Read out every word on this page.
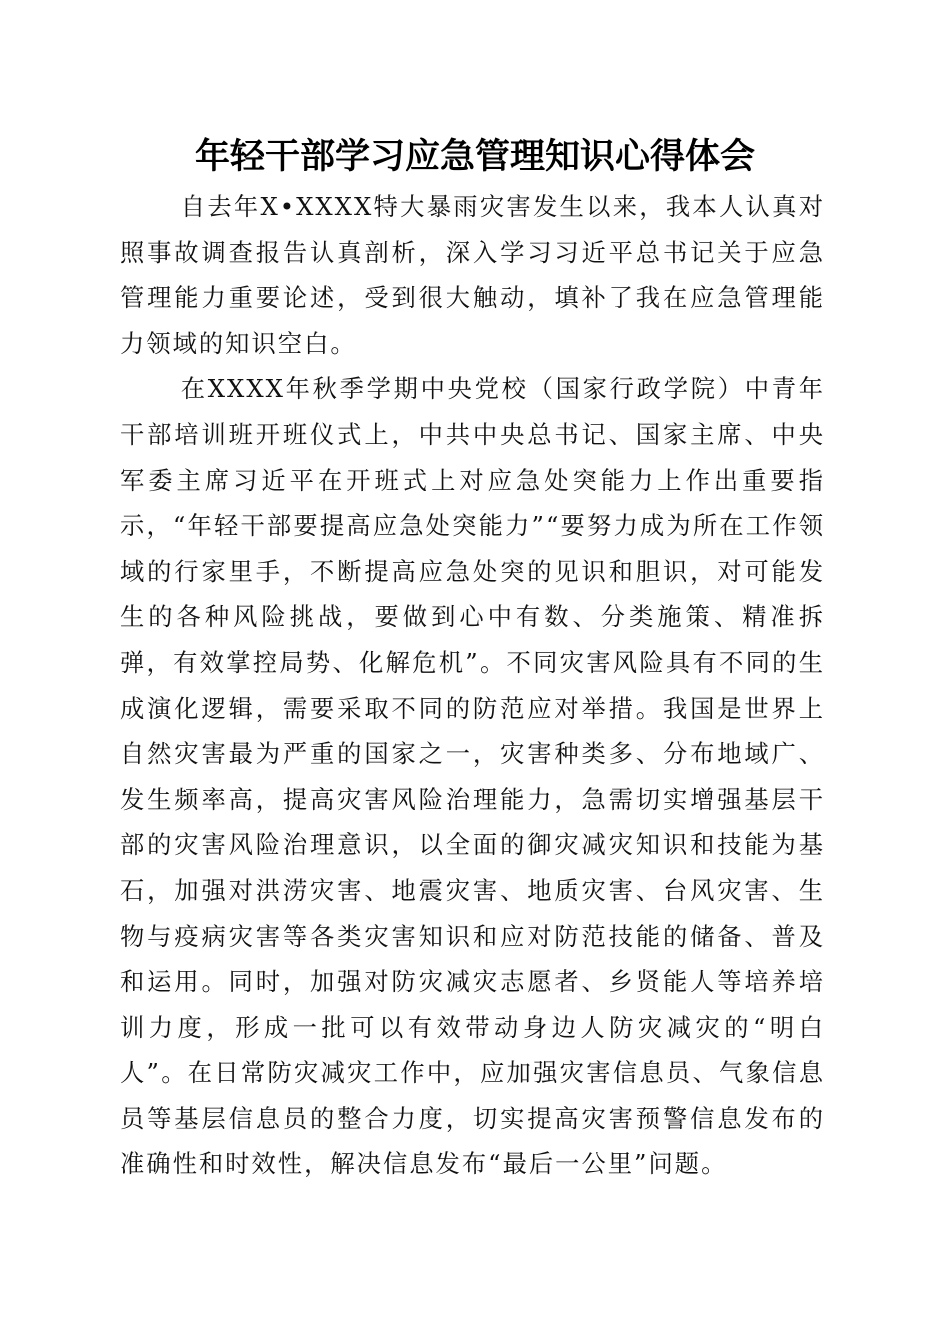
年轻干部学习应急管理知识心得体会

自去年X•XXXX特大暴雨灾害发生以来，我本人认真对照事故调查报告认真剖析，深入学习习近平总书记关于应急管理能力重要论述，受到很大触动，填补了我在应急管理能力领域的知识空白。

在XXXX年秋季学期中央党校（国家行政学院）中青年干部培训班开班仪式上，中共中央总书记、国家主席、中央军委主席习近平在开班式上对应急处突能力上作出重要指示，“年轻干部要提高应急处突能力”“要努力成为所在工作领域的行家里手，不断提高应急处突的见识和胆识，对可能发生的各种风险挑战，要做到心中有数、分类施策、精准拆弹，有效掌控局势、化解危机”。不同灾害风险具有不同的生成演化逻辑，需要采取不同的防范应对举措。我国是世界上自然灾害最为严重的国家之一，灾害种类多、分布地域广、发生频率高，提高灾害风险治理能力，急需切实增强基层干部的灾害风险治理意识，以全面的御灾减灾知识和技能为基石，加强对洪涝灾害、地震灾害、地质灾害、台风灾害、生物与疫病灾害等各类灾害知识和应对防范技能的储备、普及和运用。同时，加强对防灾减灾志愿者、乡贤能人等培养培训力度，形成一批可以有效带动身边人防灾减灾的“明白人”。在日常防灾减灾工作中，应加强灾害信息员、气象信息员等基层信息员的整合力度，切实提高灾害预警信息发布的准确性和时效性，解决信息发布“最后一公里”问题。
